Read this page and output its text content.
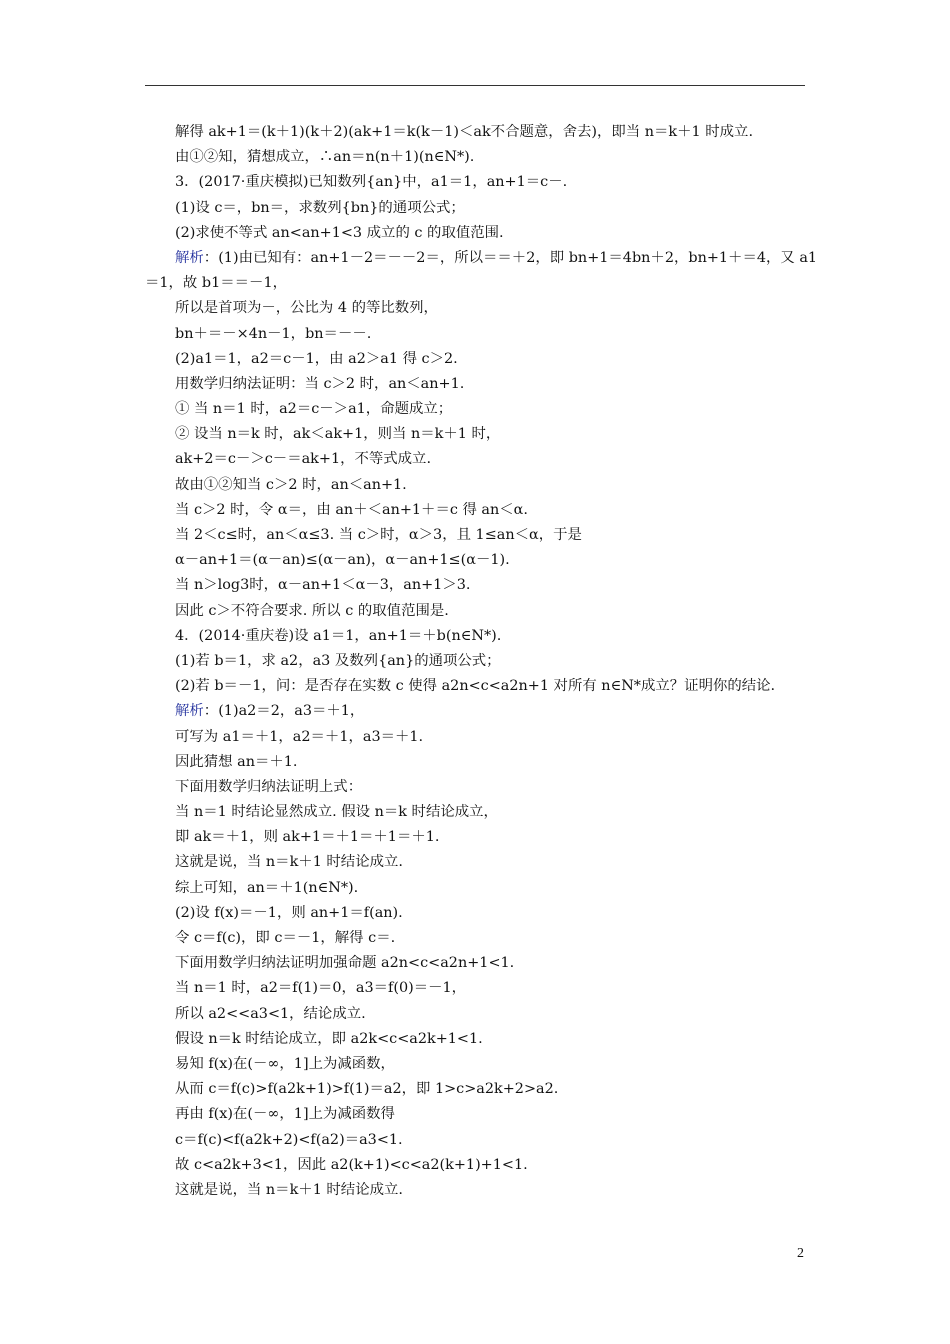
解得 ak+1＝(k＋1)(k＋2)(ak+1＝k(k－1)＜ak不合题意，舍去)，即当 n＝k＋1 时成立.
由①②知，猜想成立，∴an＝n(n＋1)(n∈N*).
3．(2017·重庆模拟)已知数列{an}中，a1＝1，an+1＝c－.
(1)设 c＝，bn＝，求数列{bn}的通项公式；
(2)求使不等式 an<an+1<3 成立的 c 的取值范围.
解析：(1)由已知有：an+1－2＝－－2＝，所以＝＝＋2，即 bn+1＝4bn＋2，bn+1＋＝4，又 a1
＝1，故 b1＝＝－1，
所以是首项为－，公比为 4 的等比数列，
bn＋＝－×4n－1，bn＝－－.
(2)a1＝1，a2＝c－1，由 a2＞a1 得 c＞2.
用数学归纳法证明：当 c＞2 时，an＜an+1.
① 当 n＝1 时，a2＝c－＞a1，命题成立；
② 设当 n＝k 时，ak＜ak+1，则当 n＝k＋1 时，
ak+2＝c－＞c－＝ak+1，不等式成立.
故由①②知当 c＞2 时，an＜an+1.
当 c＞2 时，令 α＝，由 an＋＜an+1＋＝c 得 an＜α.
当 2＜c≤时，an＜α≤3. 当 c＞时，α＞3，且 1≤an＜α，于是
α－an+1＝(α－an)≤(α－an)，α－an+1≤(α－1).
当 n＞log3时，α－an+1＜α－3，an+1＞3.
因此 c＞不符合要求. 所以 c 的取值范围是.
4．(2014·重庆卷)设 a1＝1，an+1＝＋b(n∈N*).
(1)若 b＝1，求 a2，a3 及数列{an}的通项公式；
(2)若 b＝－1，问：是否存在实数 c 使得 a2n<c<a2n+1 对所有 n∈N*成立？证明你的结论.
解析：(1)a2＝2，a3＝＋1，
可写为 a1＝＋1，a2＝＋1，a3＝＋1.
因此猜想 an＝＋1.
下面用数学归纳法证明上式：
当 n＝1 时结论显然成立. 假设 n＝k 时结论成立，
即 ak＝＋1，则 ak+1＝＋1＝＋1＝＋1.
这就是说，当 n＝k＋1 时结论成立.
综上可知，an＝＋1(n∈N*).
(2)设 f(x)＝－1，则 an+1＝f(an).
令 c＝f(c)，即 c＝－1，解得 c＝.
下面用数学归纳法证明加强命题 a2n<c<a2n+1<1.
当 n＝1 时，a2＝f(1)＝0，a3＝f(0)＝－1，
所以 a2<<a3<1，结论成立.
假设 n＝k 时结论成立，即 a2k<c<a2k+1<1.
易知 f(x)在(－∞，1]上为减函数，
从而 c＝f(c)>f(a2k+1)>f(1)＝a2，即 1>c>a2k+2>a2.
再由 f(x)在(－∞，1]上为减函数得
c＝f(c)<f(a2k+2)<f(a2)＝a3<1.
故 c<a2k+3<1，因此 a2(k+1)<c<a2(k+1)+1<1.
这就是说，当 n＝k＋1 时结论成立.
2
